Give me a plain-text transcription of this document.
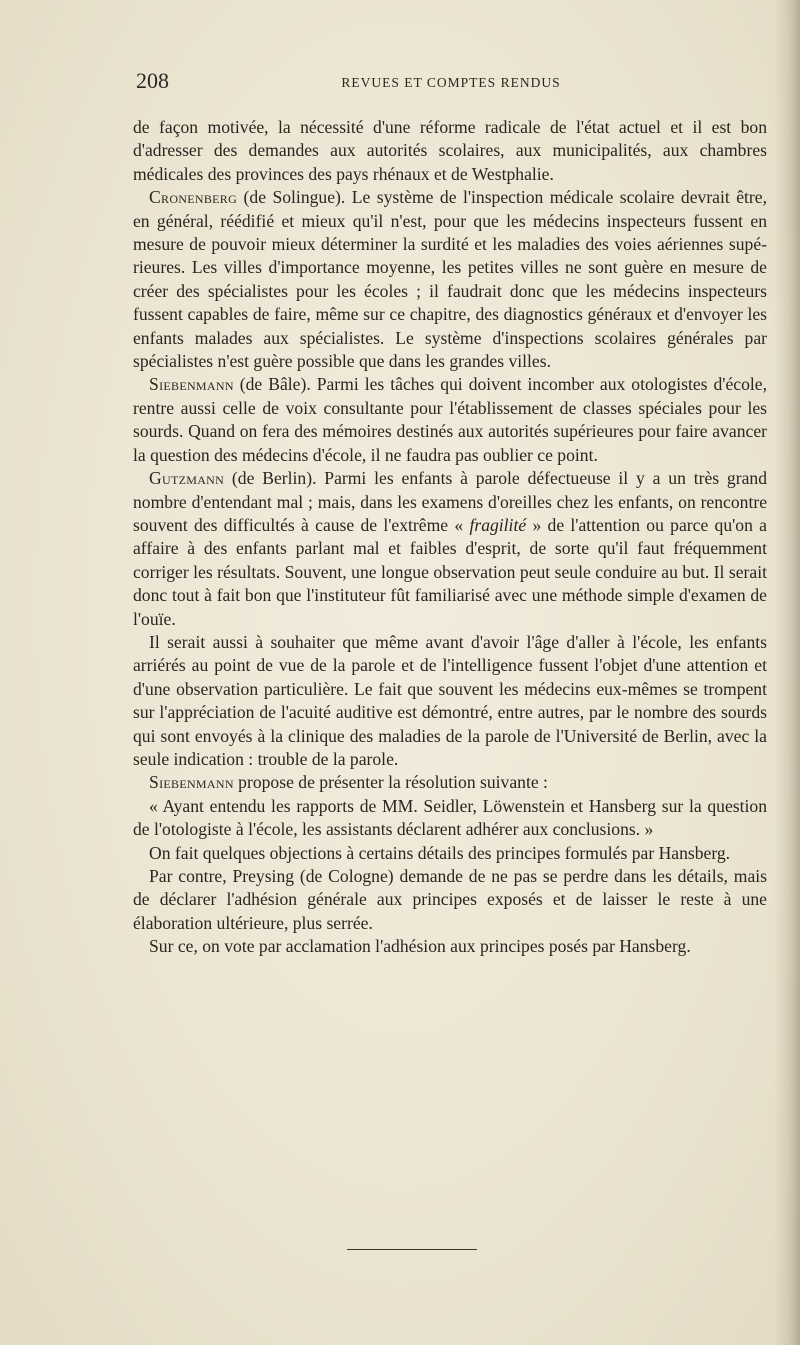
208	REVUES ET COMPTES RENDUS

de façon motivée, la nécessité d'une réforme radicale de l'état actuel et il est bon d'adresser des demandes aux autorités scolaires, aux municipalités, aux chambres médicales des provinces des pays rhénaux et de Westphalie.

Cronenberg (de Solingue). Le système de l'inspection médicale scolaire devrait être, en général, réédifié et mieux qu'il n'est, pour que les médecins inspecteurs fussent en mesure de pouvoir mieux déterminer la surdité et les maladies des voies aériennes supérieures. Les villes d'importance moyenne, les petites villes ne sont guère en mesure de créer des spécialistes pour les écoles ; il faudrait donc que les médecins inspecteurs fussent capables de faire, même sur ce chapitre, des diagnostics généraux et d'envoyer les enfants malades aux spécialistes. Le système d'inspections scolaires générales par spécialistes n'est guère possible que dans les grandes villes.

Siebenmann (de Bâle). Parmi les tâches qui doivent incomber aux otologistes d'école, rentre aussi celle de voix consultante pour l'établissement de classes spéciales pour les sourds. Quand on fera des mémoires destinés aux autorités supérieures pour faire avancer la question des médecins d'école, il ne faudra pas oublier ce point.

Gutzmann (de Berlin). Parmi les enfants à parole défectueuse il y a un très grand nombre d'entendant mal ; mais, dans les examens d'oreilles chez les enfants, on rencontre souvent des difficultés à cause de l'extrême « fragilité » de l'attention ou parce qu'on a affaire à des enfants parlant mal et faibles d'esprit, de sorte qu'il faut fréquemment corriger les résultats. Souvent, une longue observation peut seule conduire au but. Il serait donc tout à fait bon que l'instituteur fût familiarisé avec une méthode simple d'examen de l'ouïe.

Il serait aussi à souhaiter que même avant d'avoir l'âge d'aller à l'école, les enfants arriérés au point de vue de la parole et de l'intelligence fussent l'objet d'une attention et d'une observation particulière. Le fait que souvent les médecins eux-mêmes se trompent sur l'appréciation de l'acuité auditive est démontré, entre autres, par le nombre des sourds qui sont envoyés à la clinique des maladies de la parole de l'Université de Berlin, avec la seule indication : trouble de la parole.

Siebenmann propose de présenter la résolution suivante :

« Ayant entendu les rapports de MM. Seidler, Löwenstein et Hansberg sur la question de l'otologiste à l'école, les assistants déclarent adhérer aux conclusions. »

On fait quelques objections à certains détails des principes formulés par Hansberg.

Par contre, Preysing (de Cologne) demande de ne pas se perdre dans les détails, mais de déclarer l'adhésion générale aux principes exposés et de laisser le reste à une élaboration ultérieure, plus serrée.

Sur ce, on vote par acclamation l'adhésion aux principes posés par Hansberg.
